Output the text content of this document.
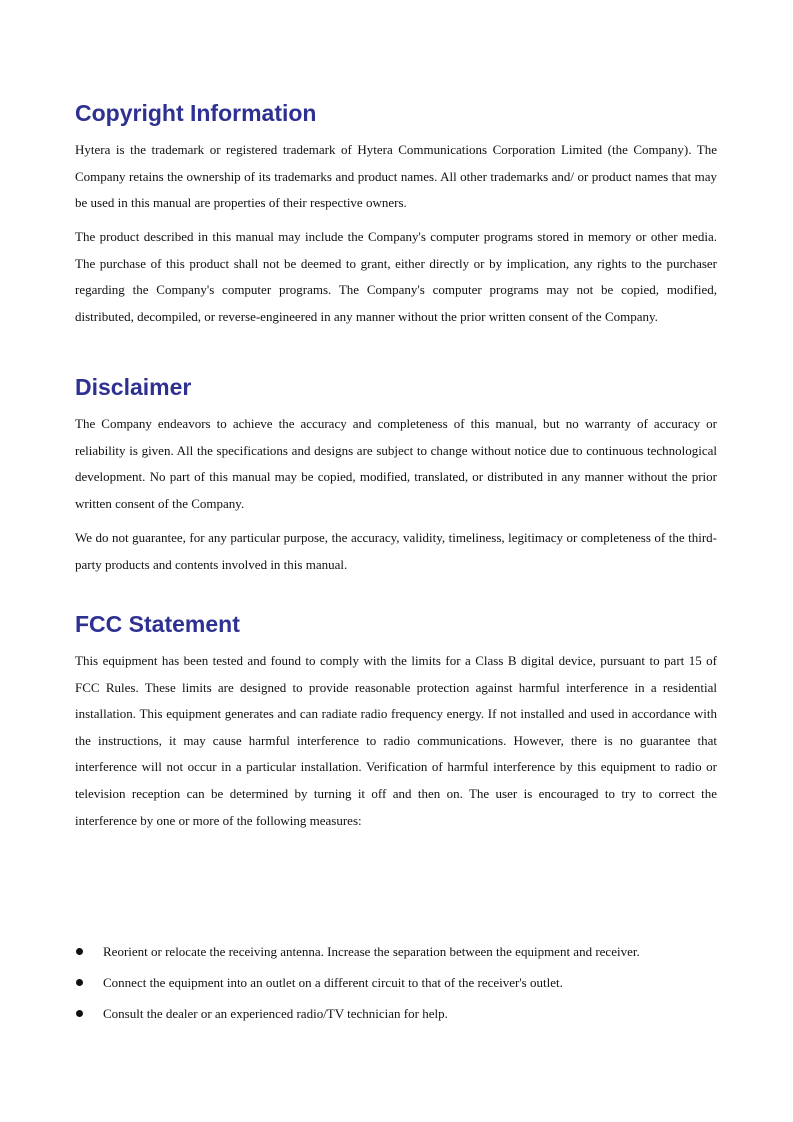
Copyright Information

Hytera is the trademark or registered trademark of Hytera Communications Corporation Limited (the Company). The Company retains the ownership of its trademarks and product names. All other trademarks and/ or product names that may be used in this manual are properties of their respective owners.

The product described in this manual may include the Company's computer programs stored in memory or other media. The purchase of this product shall not be deemed to grant, either directly or by implication, any rights to the purchaser regarding the Company's computer programs. The Company's computer programs may not be copied, modified, distributed, decompiled, or reverse-engineered in any manner without the prior written consent of the Company.

Disclaimer

The Company endeavors to achieve the accuracy and completeness of this manual, but no warranty of accuracy or reliability is given. All the specifications and designs are subject to change without notice due to continuous technological development. No part of this manual may be copied, modified, translated, or distributed in any manner without the prior written consent of the Company.

We do not guarantee, for any particular purpose, the accuracy, validity, timeliness, legitimacy or completeness of the third-party products and contents involved in this manual.

FCC Statement

This equipment has been tested and found to comply with the limits for a Class B digital device, pursuant to part 15 of FCC Rules. These limits are designed to provide reasonable protection against harmful interference in a residential installation. This equipment generates and can radiate radio frequency energy. If not installed and used in accordance with the instructions, it may cause harmful interference to radio communications. However, there is no guarantee that interference will not occur in a particular installation. Verification of harmful interference by this equipment to radio or television reception can be determined by turning it off and then on. The user is encouraged to try to correct the interference by one or more of the following measures:

Reorient or relocate the receiving antenna. Increase the separation between the equipment and receiver.
Connect the equipment into an outlet on a different circuit to that of the receiver's outlet.
Consult the dealer or an experienced radio/TV technician for help.
